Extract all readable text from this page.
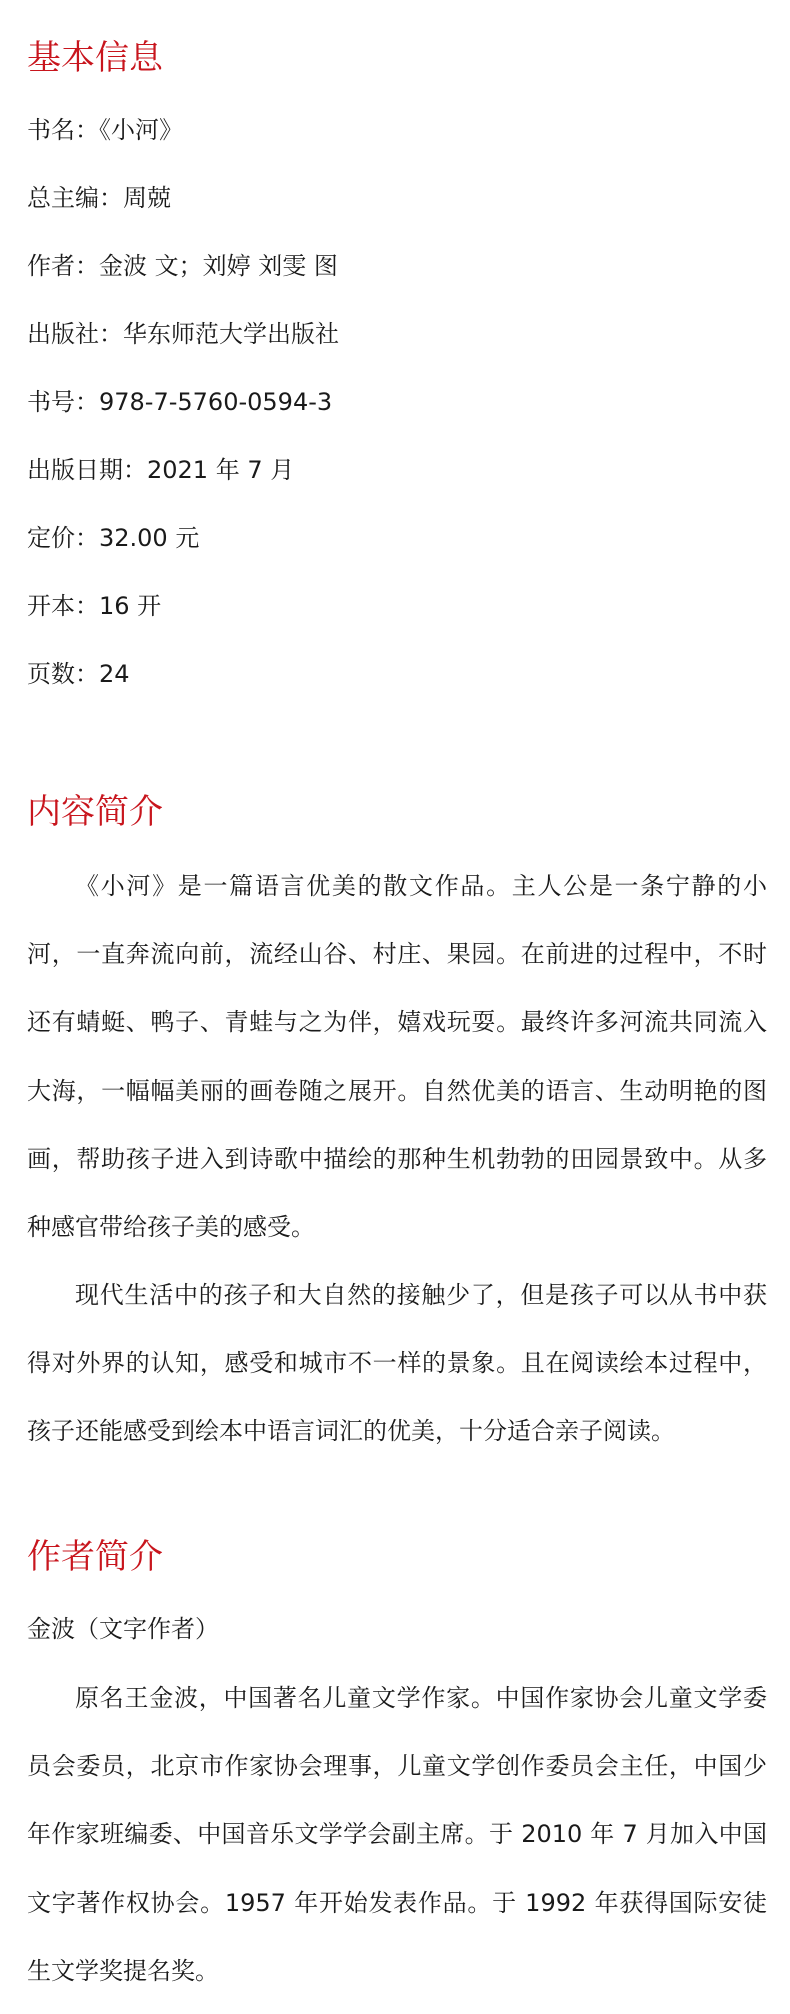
基本信息

书名：《小河》

总主编：周兢

作者：金波 文；刘婷 刘雯 图

出版社：华东师范大学出版社

书号：978-7-5760-0594-3

出版日期：2021 年 7 月

定价：32.00 元

开本：16 开

页数：24

内容简介

《小河》是一篇语言优美的散文作品。主人公是一条宁静的小河，一直奔流向前，流经山谷、村庄、果园。在前进的过程中，不时还有蜻蜓、鸭子、青蛙与之为伴，嬉戏玩耍。最终许多河流共同流入大海，一幅幅美丽的画卷随之展开。自然优美的语言、生动明艳的图画，帮助孩子进入到诗歌中描绘的那种生机勃勃的田园景致中。从多种感官带给孩子美的感受。

现代生活中的孩子和大自然的接触少了，但是孩子可以从书中获得对外界的认知，感受和城市不一样的景象。且在阅读绘本过程中，孩子还能感受到绘本中语言词汇的优美，十分适合亲子阅读。

作者简介

金波（文字作者）

原名王金波，中国著名儿童文学作家。中国作家协会儿童文学委员会委员，北京市作家协会理事，儿童文学创作委员会主任，中国少年作家班编委、中国音乐文学学会副主席。于 2010 年 7 月加入中国文字著作权协会。1957 年开始发表作品。于 1992 年获得国际安徒生文学奖提名奖。
